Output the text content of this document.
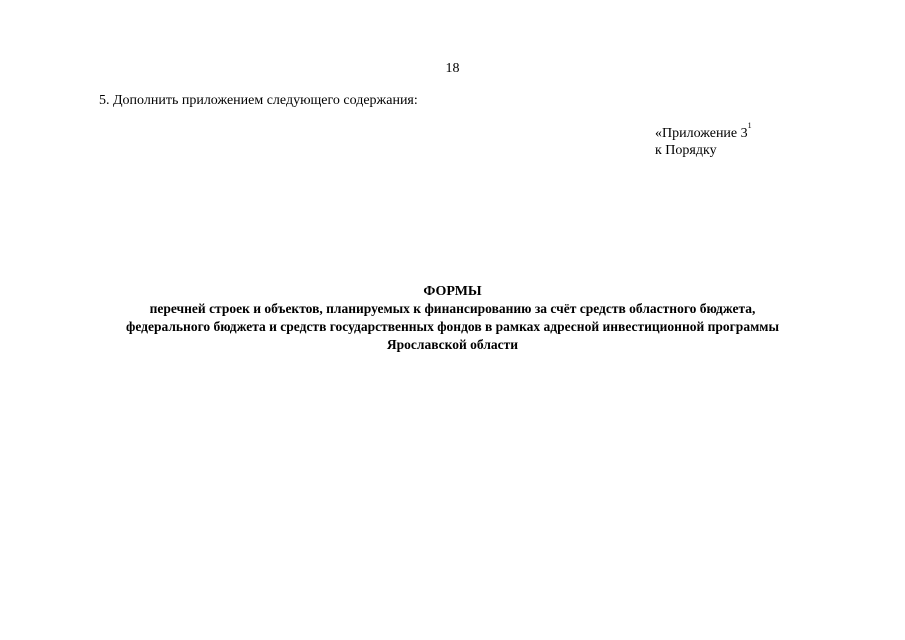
18
5. Дополнить приложением следующего содержания:
«Приложение $3^1$
к Порядку
ФОРМЫ
перечней строек и объектов, планируемых к финансированию за счёт средств областного бюджета,
федерального бюджета и средств государственных фондов в рамках адресной инвестиционной программы
Ярославской области
